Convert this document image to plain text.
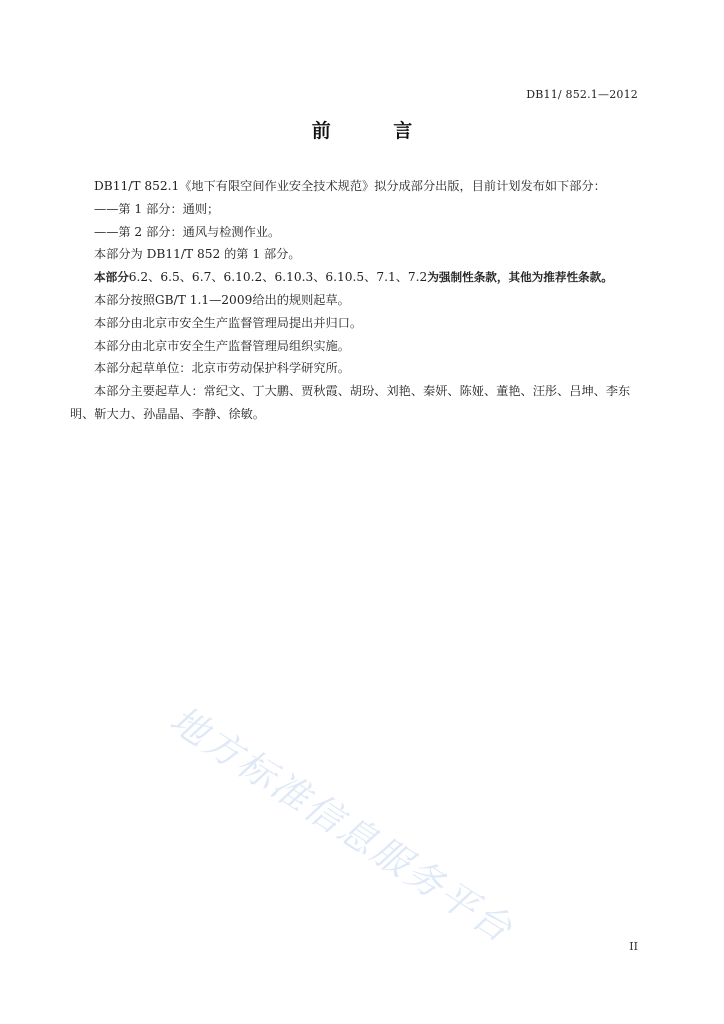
DB11/ 852.1—2012
前 言

DB11/T 852.1《地下有限空间作业安全技术规范》拟分成部分出版，目前计划发布如下部分：

——第 1 部分：通则；

——第 2 部分：通风与检测作业。

本部分为 DB11/T 852 的第 1 部分。

本部分6.2、6.5、6.7、6.10.2、6.10.3、6.10.5、7.1、7.2为强制性条款，其他为推荐性条款。

本部分按照GB/T 1.1—2009给出的规则起草。

本部分由北京市安全生产监督管理局提出并归口。

本部分由北京市安全生产监督管理局组织实施。

本部分起草单位：北京市劳动保护科学研究所。

本部分主要起草人：常纪文、丁大鹏、贾秋霞、胡玢、刘艳、秦妍、陈娅、董艳、汪彤、吕坤、李东明、靳大力、孙晶晶、李静、徐敏。

地方标准信息服务平台	II
